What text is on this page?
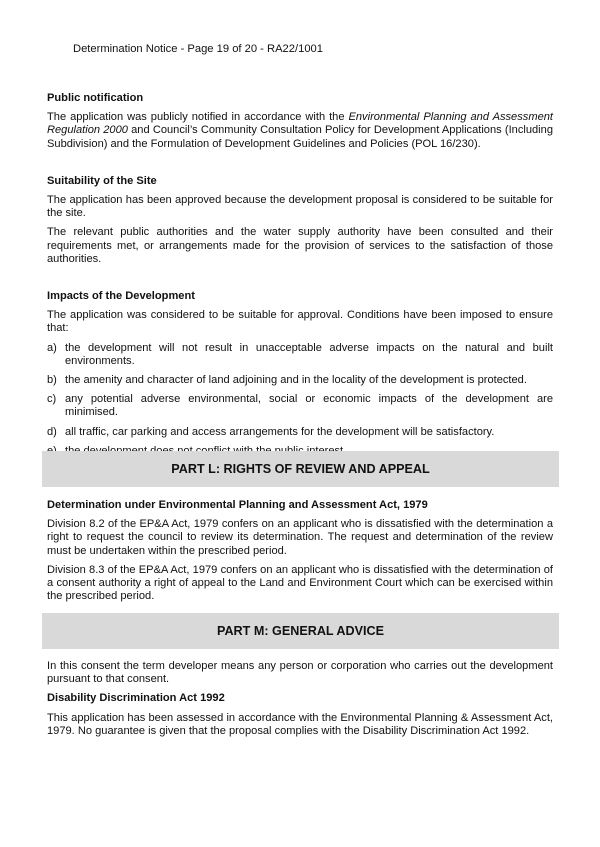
Determination Notice - Page 19 of 20 - RA22/1001
Public notification

The application was publicly notified in accordance with the Environmental Planning and Assessment Regulation 2000 and Council’s Community Consultation Policy for Development Applications (Including Subdivision) and the Formulation of Development Guidelines and Policies (POL 16/230).

Suitability of the Site

The application has been approved because the development proposal is considered to be suitable for the site.

The relevant public authorities and the water supply authority have been consulted and their requirements met, or arrangements made for the provision of services to the satisfaction of those authorities.

Impacts of the Development

The application was considered to be suitable for approval. Conditions have been imposed to ensure that:

a) the development will not result in unacceptable adverse impacts on the natural and built environments.
b) the amenity and character of land adjoining and in the locality of the development is protected.
c) any potential adverse environmental, social or economic impacts of the development are minimised.
d) all traffic, car parking and access arrangements for the development will be satisfactory.
PART L: RIGHTS OF REVIEW AND APPEAL
Determination under Environmental Planning and Assessment Act, 1979

Division 8.2 of the EP&A Act, 1979 confers on an applicant who is dissatisfied with the determination a right to request the council to review its determination. The request and determination of the review must be undertaken within the prescribed period.

Division 8.3 of the EP&A Act, 1979 confers on an applicant who is dissatisfied with the determination of a consent authority a right of appeal to the Land and Environment Court which can be exercised within the prescribed period.

PART M: GENERAL ADVICE

In this consent the term developer means any person or corporation who carries out the development pursuant to that consent.

Disability Discrimination Act 1992

This application has been assessed in accordance with the Environmental Planning & Assessment Act, 1979. No guarantee is given that the proposal complies with the Disability Discrimination Act 1992.
